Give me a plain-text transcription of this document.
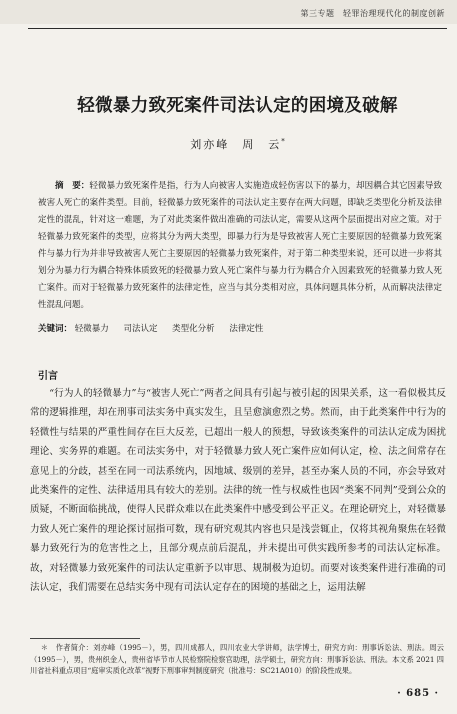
第三专题　轻罪治理现代化的制度创新
轻微暴力致死案件司法认定的困境及破解
刘亦峰　周　云*
摘　要：轻微暴力致死案件是指，行为人向被害人实施造成轻伤害以下的暴力，却因耦合其它因素导致被害人死亡的案件类型。目前，轻微暴力致死案件的司法认定主要存在两大问题，即缺乏类型化分析及法律定性的混乱，针对这一难题，为了对此类案件做出准确的司法认定，需要从这两个层面提出对应之策。对于轻微暴力致死案件的类型，应将其分为两大类型，即暴力行为是导致被害人死亡主要原因的轻微暴力致死案件与暴力行为并非导致被害人死亡主要原因的轻微暴力致死案件，对于第二种类型来说，还可以进一步将其划分为暴力行为耦合特殊体质致死的轻微暴力致人死亡案件与暴力行为耦合介入因素致死的轻微暴力致人死亡案件。而对于轻微暴力致死案件的法律定性，应当与其分类相对应，具体问题具体分析，从而解决法律定性混乱问题。
关键词： 轻微暴力 司法认定 类型化分析 法律定性
引言
“行为人的轻微暴力”与“被害人死亡”两者之间具有引起与被引起的因果关系，这一看似极其反常的逻辑推理，却在刑事司法实务中真实发生，且呈愈演愈烈之势。然而，由于此类案件中行为的轻微性与结果的严重性间存在巨大反差，已超出一般人的预想，导致该类案件的司法认定成为困扰理论、实务界的难题。在司法实务中，对于轻微暴力致人死亡案件应如何认定，检、法之间常存在意见上的分歧，甚至在同一司法系统内，因地域、级别的差异，甚至办案人员的不同，亦会导致对此类案件的定性、法律适用具有较大的差别。法律的统一性与权威性也因“类案不同判”受到公众的质疑，不断面临挑战，使得人民群众难以在此类案件中感受到公平正义。在理论研究上，对轻微暴力致人死亡案件的理论探讨屈指可数，现有研究观其内容也只是浅尝辄止，仅将其视角聚焦在轻微暴力致死行为的危害性之上，且部分观点前后混乱，并未提出可供实践所参考的司法认定标准。故，对轻微暴力致死案件的司法认定重新予以审思、规制极为迫切。而要对该类案件进行准确的司法认定，我们需要在总结实务中现有司法认定存在的困境的基础之上，运用法解
＊　作者简介：刘亦峰（1995－），男，四川成都人，四川农业大学讲师，法学博士，研究方向：刑事诉讼法、刑法。周云（1995－），男，贵州织金人，贵州省毕节市人民检察院检察官助理，法学硕士，研究方向：刑事诉讼法、刑法。本文系 2021 四川省社科重点项目“庭审实质化改革”视野下刑事审判制度研究（批准号：SC21A010）的阶段性成果。
· 685 ·
